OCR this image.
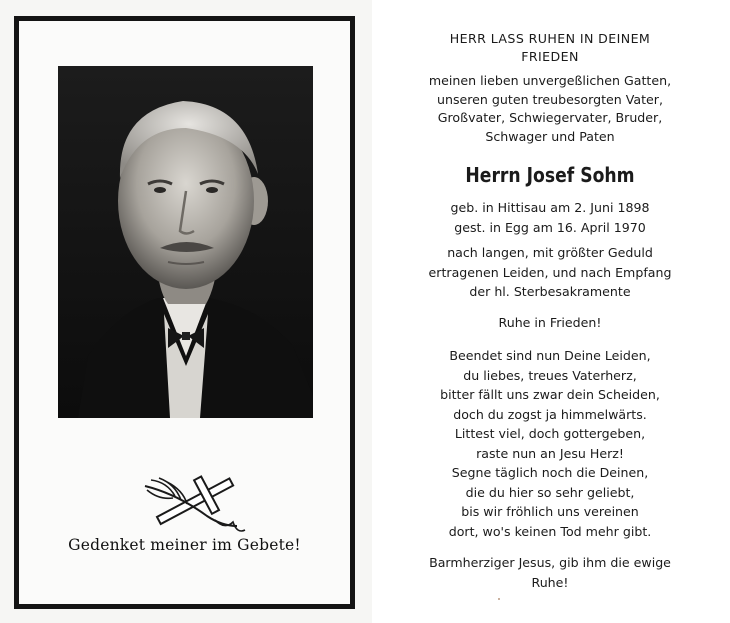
Gedenket meiner im Gebete!

HERR LASS RUHEN IN DEINEM
FRIEDEN

meinen lieben unvergeßlichen Gatten,
unseren guten treubesorgten Vater,
Großvater, Schwiegervater, Bruder,
Schwager und Paten

Herrn Josef Sohm

geb. in Hittisau am 2. Juni 1898
gest. in Egg am 16. April 1970

nach langen, mit größter Geduld
ertragenen Leiden, und nach Empfang
der hl. Sterbesakramente

Ruhe in Frieden!

Beendet sind nun Deine Leiden,
du liebes, treues Vaterherz,
bitter fällt uns zwar dein Scheiden,
doch du zogst ja himmelwärts.
Littest viel, doch gottergeben,
raste nun an Jesu Herz!
Segne täglich noch die Deinen,
die du hier so sehr geliebt,
bis wir fröhlich uns vereinen
dort, wo's keinen Tod mehr gibt.

Barmherziger Jesus, gib ihm die ewige
Ruhe!
